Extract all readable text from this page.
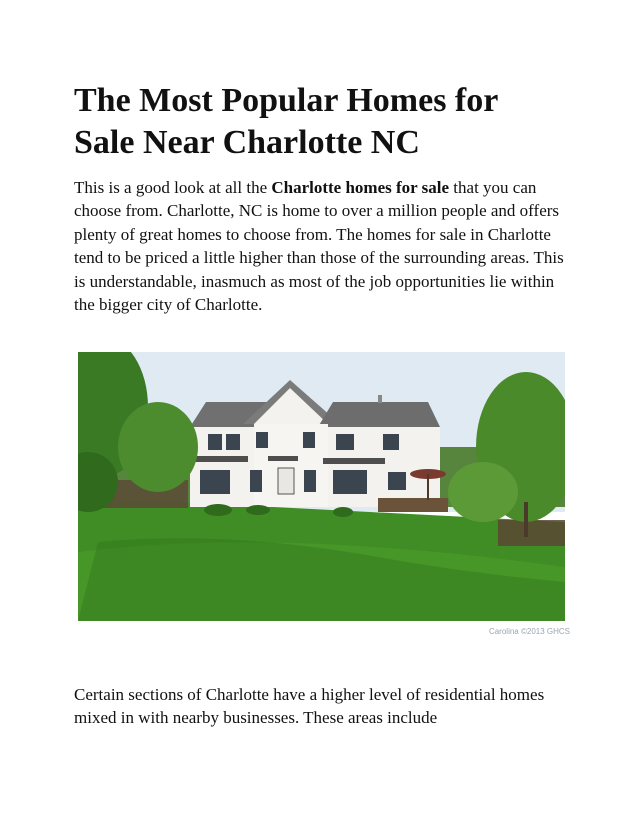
The Most Popular Homes for
Sale Near Charlotte NC

This is a good look at all the Charlotte homes for sale that you can choose from. Charlotte, NC is home to over a million people and offers plenty of great homes to choose from. The homes for sale in Charlotte tend to be priced a little higher than those of the surrounding areas. This is understandable, inasmuch as most of the job opportunities lie within the bigger city of Charlotte.

Carolina ©2013 GHCS

Certain sections of Charlotte have a higher level of residential homes mixed in with nearby businesses. These areas include
